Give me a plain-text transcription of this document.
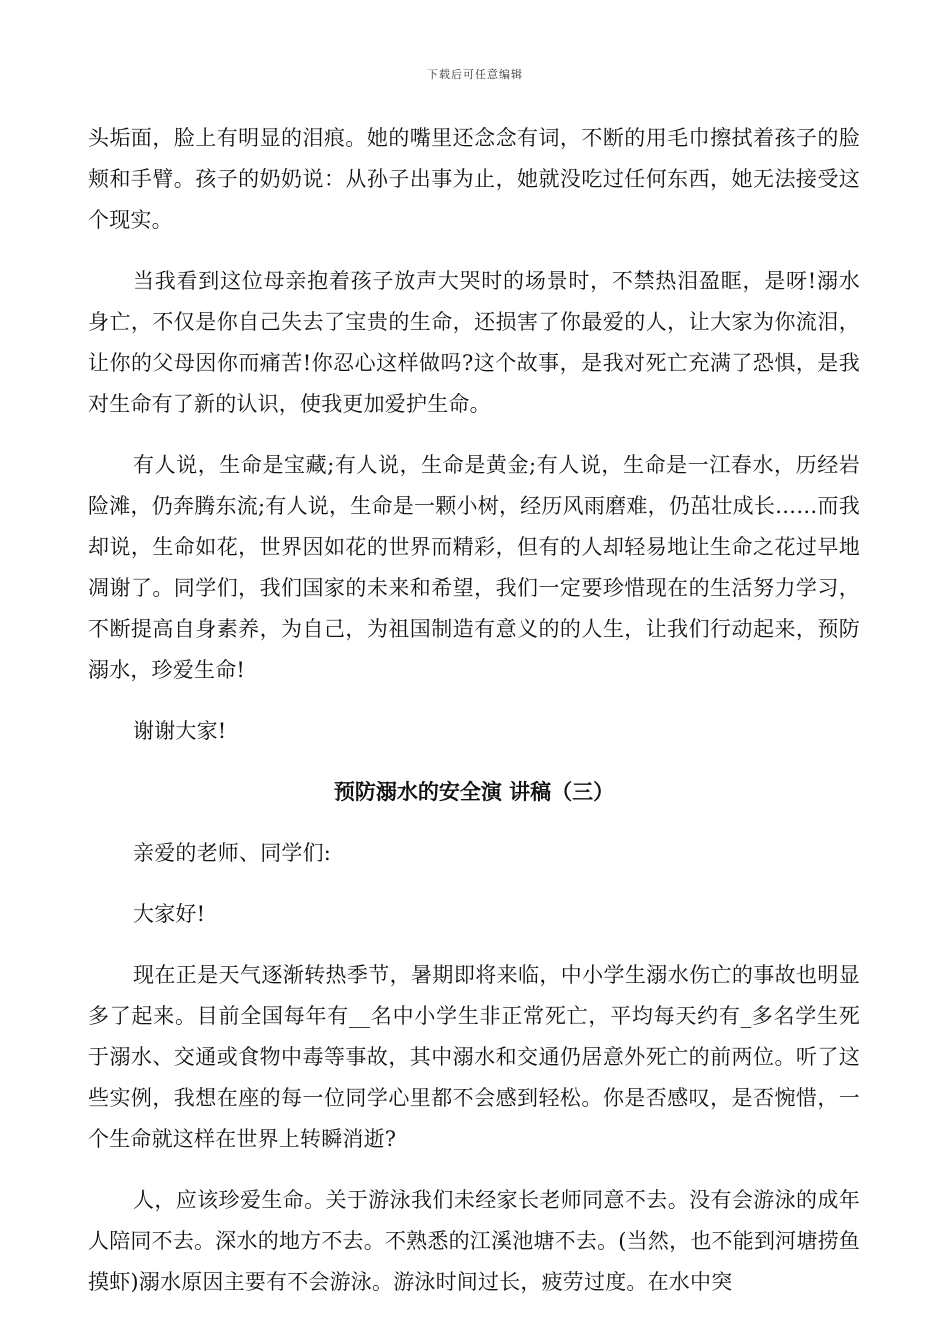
下载后可任意编辑

头垢面，脸上有明显的泪痕。她的嘴里还念念有词，不断的用毛巾擦拭着孩子的脸颊和手臂。孩子的奶奶说：从孙子出事为止，她就没吃过任何东西，她无法接受这个现实。

当我看到这位母亲抱着孩子放声大哭时的场景时，不禁热泪盈眶，是呀!溺水身亡，不仅是你自己失去了宝贵的生命，还损害了你最爱的人，让大家为你流泪，让你的父母因你而痛苦!你忍心这样做吗?这个故事，是我对死亡充满了恐惧，是我对生命有了新的认识，使我更加爱护生命。

有人说，生命是宝藏;有人说，生命是黄金;有人说，生命是一江春水，历经岩险滩，仍奔腾东流;有人说，生命是一颗小树，经历风雨磨难，仍茁壮成长……而我却说，生命如花，世界因如花的世界而精彩，但有的人却轻易地让生命之花过早地凋谢了。同学们，我们国家的未来和希望，我们一定要珍惜现在的生活努力学习，不断提高自身素养，为自己，为祖国制造有意义的的人生，让我们行动起来，预防溺水，珍爱生命!

谢谢大家!

预防溺水的安全演 讲稿（三）

亲爱的老师、同学们:

大家好!

现在正是天气逐渐转热季节，暑期即将来临，中小学生溺水伤亡的事故也明显多了起来。目前全国每年有__名中小学生非正常死亡，平均每天约有_多名学生死于溺水、交通或食物中毒等事故，其中溺水和交通仍居意外死亡的前两位。听了这些实例，我想在座的每一位同学心里都不会感到轻松。你是否感叹，是否惋惜，一个生命就这样在世界上转瞬消逝?

人，应该珍爱生命。关于游泳我们未经家长老师同意不去。没有会游泳的成年人陪同不去。深水的地方不去。不熟悉的江溪池塘不去。(当然，也不能到河塘捞鱼摸虾)溺水原因主要有不会游泳。游泳时间过长，疲劳过度。在水中突
